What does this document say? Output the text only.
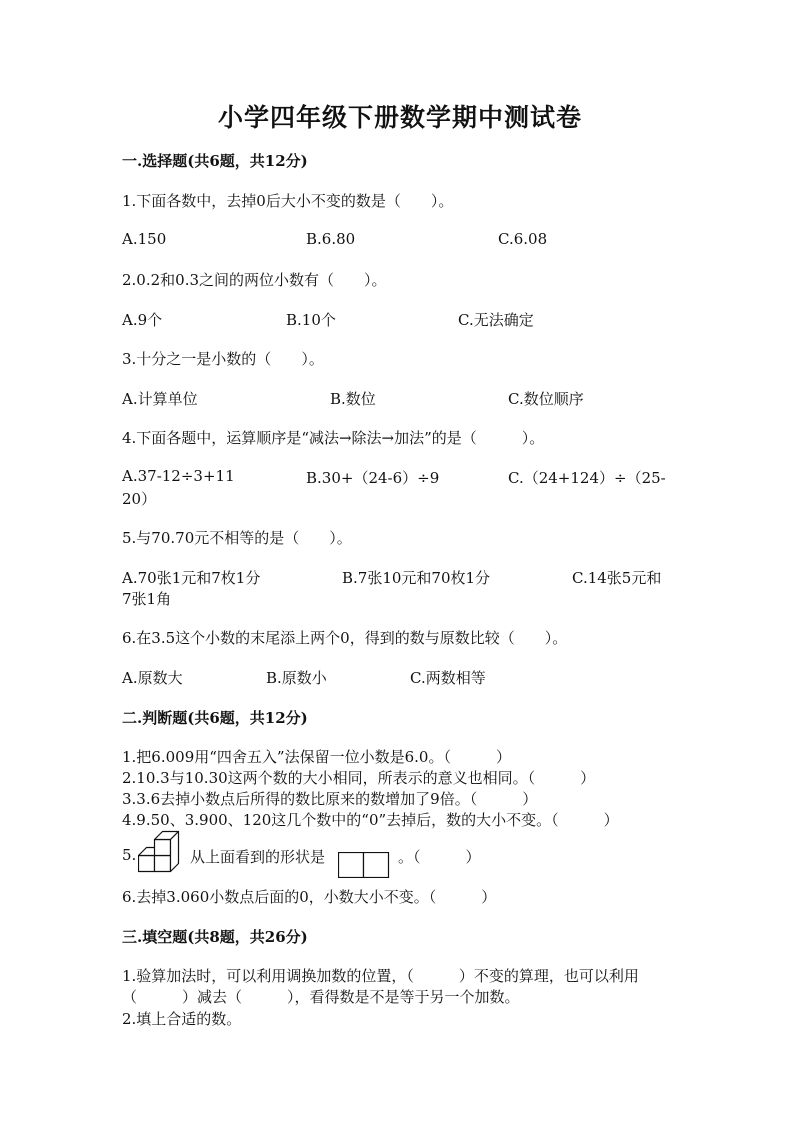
小学四年级下册数学期中测试卷
一.选择题(共6题，共12分)
1.下面各数中，去掉0后大小不变的数是（　　）。
A.150	B.6.80	C.6.08
2.0.2和0.3之间的两位小数有（　　）。
A.9个	B.10个	C.无法确定
3.十分之一是小数的（　　）。
A.计算单位	B.数位	C.数位顺序
4.下面各题中，运算顺序是“减法→除法→加法”的是（　　　）。
A.37-12÷3+11	B.30+（24-6）÷9	C.（24+124）÷（25-
20）
5.与70.70元不相等的是（　　）。
A.70张1元和7枚1分	B.7张10元和70枚1分	C.14张5元和
7张1角
6.在3.5这个小数的末尾添上两个0，得到的数与原数比较（　　）。
A.原数大	B.原数小	C.两数相等
二.判断题(共6题，共12分)
1.把6.009用“四舍五入”法保留一位小数是6.0。（　　　）
2.10.3与10.30这两个数的大小相同，所表示的意义也相同。（　　　）
3.3.6去掉小数点后所得的数比原来的数增加了9倍。（　　　）
4.9.50、3.900、120这几个数中的“0”去掉后，数的大小不变。（　　　）
5.	从上面看到的形状是	。（　　　）
6.去掉3.060小数点后面的0，小数大小不变。（　　　）
三.填空题(共8题，共26分)
1.验算加法时，可以利用调换加数的位置，（　　　）不变的算理，也可以利用
（　　　）减去（　　　），看得数是不是等于另一个加数。
2.填上合适的数。
